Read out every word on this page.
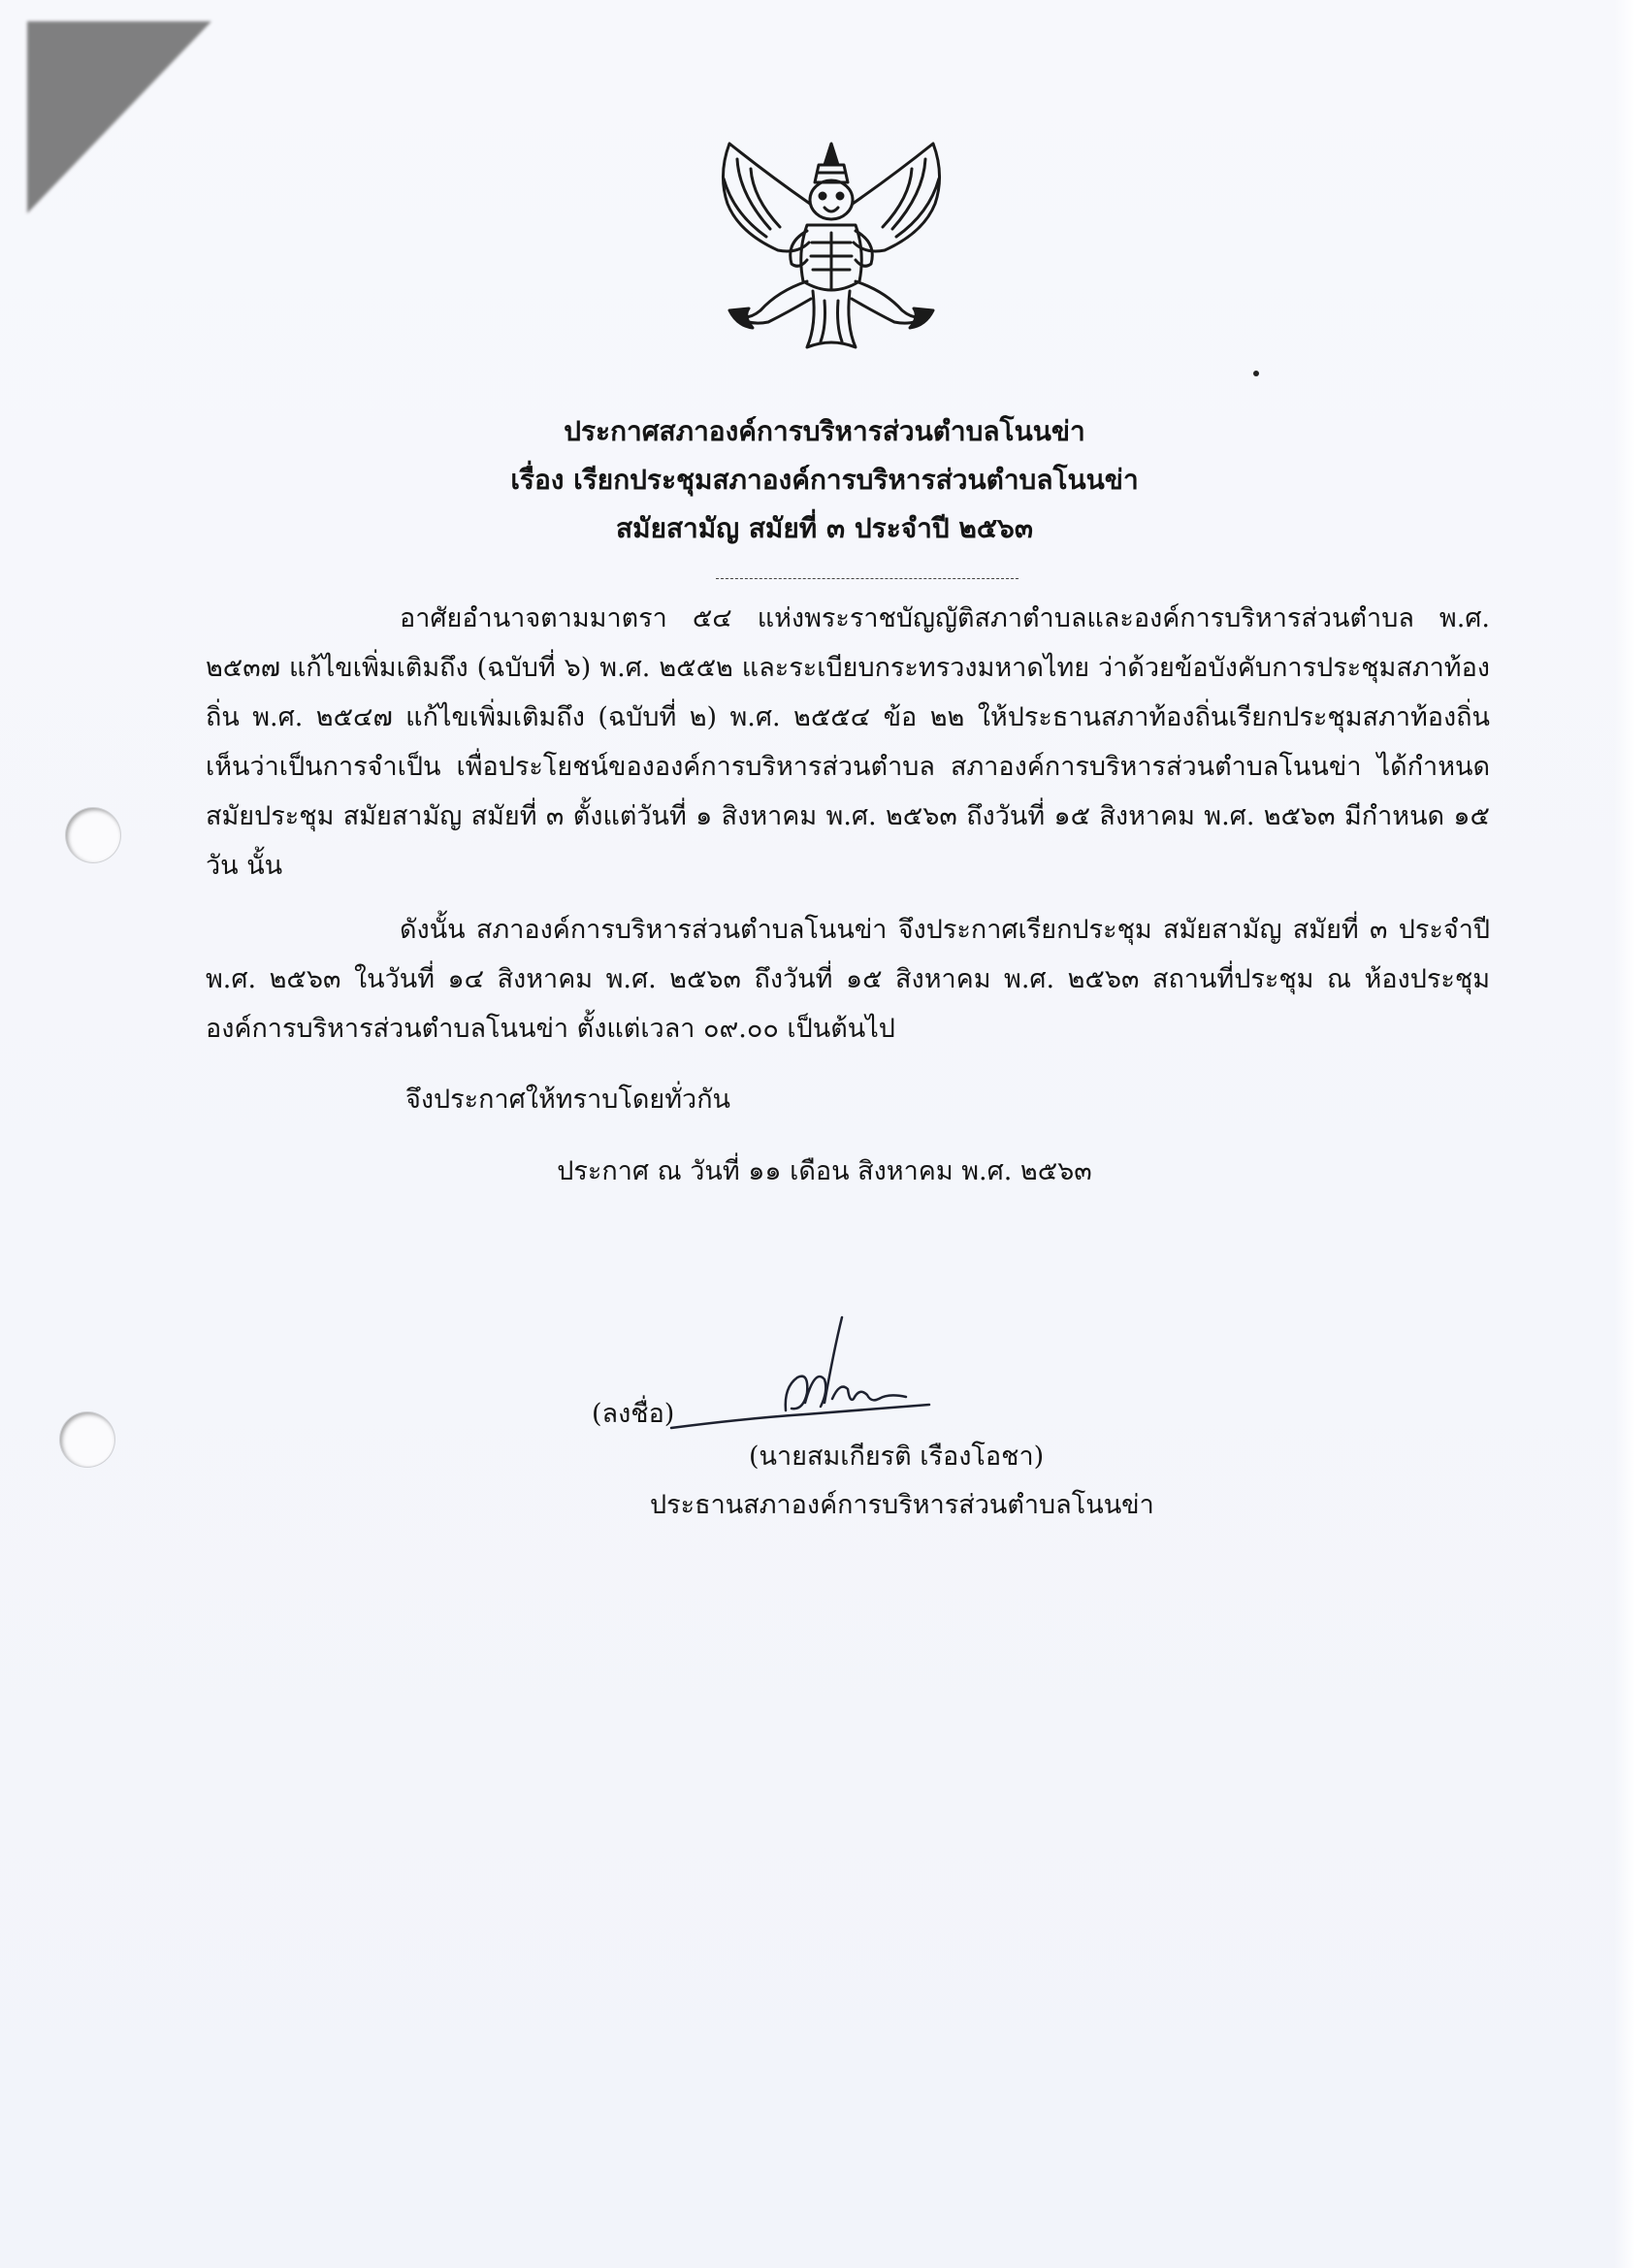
ประกาศสภาองค์การบริหารส่วนตำบลโนนข่า
เรื่อง เรียกประชุมสภาองค์การบริหารส่วนตำบลโนนข่า
สมัยสามัญ สมัยที่ ๓ ประจำปี ๒๕๖๓

อาศัยอำนาจตามมาตรา ๕๔ แห่งพระราชบัญญัติสภาตำบลและองค์การบริหารส่วนตำบล พ.ศ. ๒๕๓๗ แก้ไขเพิ่มเติมถึง (ฉบับที่ ๖) พ.ศ. ๒๕๕๒ และระเบียบกระทรวงมหาดไทย ว่าด้วยข้อบังคับการประชุมสภาท้องถิ่น พ.ศ. ๒๕๔๗ แก้ไขเพิ่มเติมถึง (ฉบับที่ ๒) พ.ศ. ๒๕๕๔ ข้อ ๒๒ ให้ประธานสภาท้องถิ่นเรียกประชุมสภาท้องถิ่น เห็นว่าเป็นการจำเป็น เพื่อประโยชน์ขององค์การบริหารส่วนตำบล สภาองค์การบริหารส่วนตำบลโนนข่า ได้กำหนดสมัยประชุม สมัยสามัญ สมัยที่ ๓ ตั้งแต่วันที่ ๑ สิงหาคม พ.ศ. ๒๕๖๓ ถึงวันที่ ๑๕ สิงหาคม พ.ศ. ๒๕๖๓ มีกำหนด ๑๕ วัน นั้น

ดังนั้น สภาองค์การบริหารส่วนตำบลโนนข่า จึงประกาศเรียกประชุม สมัยสามัญ สมัยที่ ๓ ประจำปี พ.ศ. ๒๕๖๓ ในวันที่ ๑๔ สิงหาคม พ.ศ. ๒๕๖๓ ถึงวันที่ ๑๕ สิงหาคม พ.ศ. ๒๕๖๓ สถานที่ประชุม ณ ห้องประชุมองค์การบริหารส่วนตำบลโนนข่า ตั้งแต่เวลา ๐๙.๐๐ เป็นต้นไป

จึงประกาศให้ทราบโดยทั่วกัน
ประกาศ ณ วันที่ ๑๑ เดือน สิงหาคม พ.ศ. ๒๕๖๓
(ลงชื่อ)
(นายสมเกียรติ เรืองโอชา)
ประธานสภาองค์การบริหารส่วนตำบลโนนข่า
